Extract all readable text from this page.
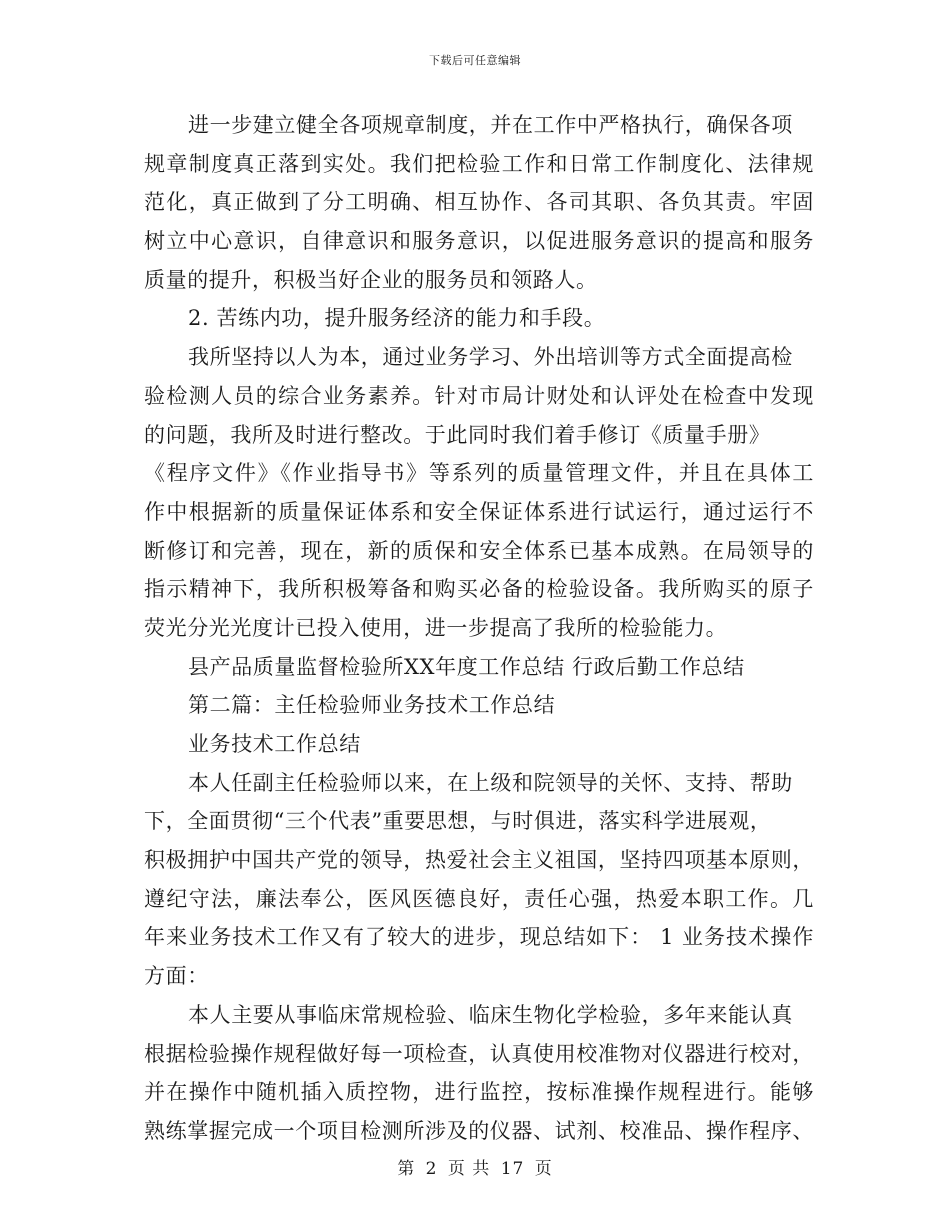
下载后可任意编辑
进一步建立健全各项规章制度，并在工作中严格执行，确保各项
规章制度真正落到实处。我们把检验工作和日常工作制度化、法律规
范化，真正做到了分工明确、相互协作、各司其职、各负其责。牢固
树立中心意识，自律意识和服务意识，以促进服务意识的提高和服务
质量的提升，积极当好企业的服务员和领路人。
2. 苦练内功，提升服务经济的能力和手段。
我所坚持以人为本，通过业务学习、外出培训等方式全面提高检
验检测人员的综合业务素养。针对市局计财处和认评处在检查中发现
的问题，我所及时进行整改。于此同时我们着手修订《质量手册》
《程序文件》《作业指导书》等系列的质量管理文件，并且在具体工
作中根据新的质量保证体系和安全保证体系进行试运行，通过运行不
断修订和完善，现在，新的质保和安全体系已基本成熟。在局领导的
指示精神下，我所积极筹备和购买必备的检验设备。我所购买的原子
荧光分光光度计已投入使用，进一步提高了我所的检验能力。
县产品质量监督检验所XX年度工作总结 行政后勤工作总结
第二篇：主任检验师业务技术工作总结
业务技术工作总结
本人任副主任检验师以来，在上级和院领导的关怀、支持、帮助
下，全面贯彻“三个代表”重要思想，与时俱进，落实科学进展观，
积极拥护中国共产党的领导，热爱社会主义祖国，坚持四项基本原则，
遵纪守法，廉法奉公，医风医德良好，责任心强，热爱本职工作。几
年来业务技术工作又有了较大的进步，现总结如下： 1 业务技术操作
方面：
本人主要从事临床常规检验、临床生物化学检验，多年来能认真
根据检验操作规程做好每一项检查，认真使用校准物对仪器进行校对，
并在操作中随机插入质控物，进行监控，按标准操作规程进行。能够
熟练掌握完成一个项目检测所涉及的仪器、试剂、校准品、操作程序、
第 2 页 共 17 页
